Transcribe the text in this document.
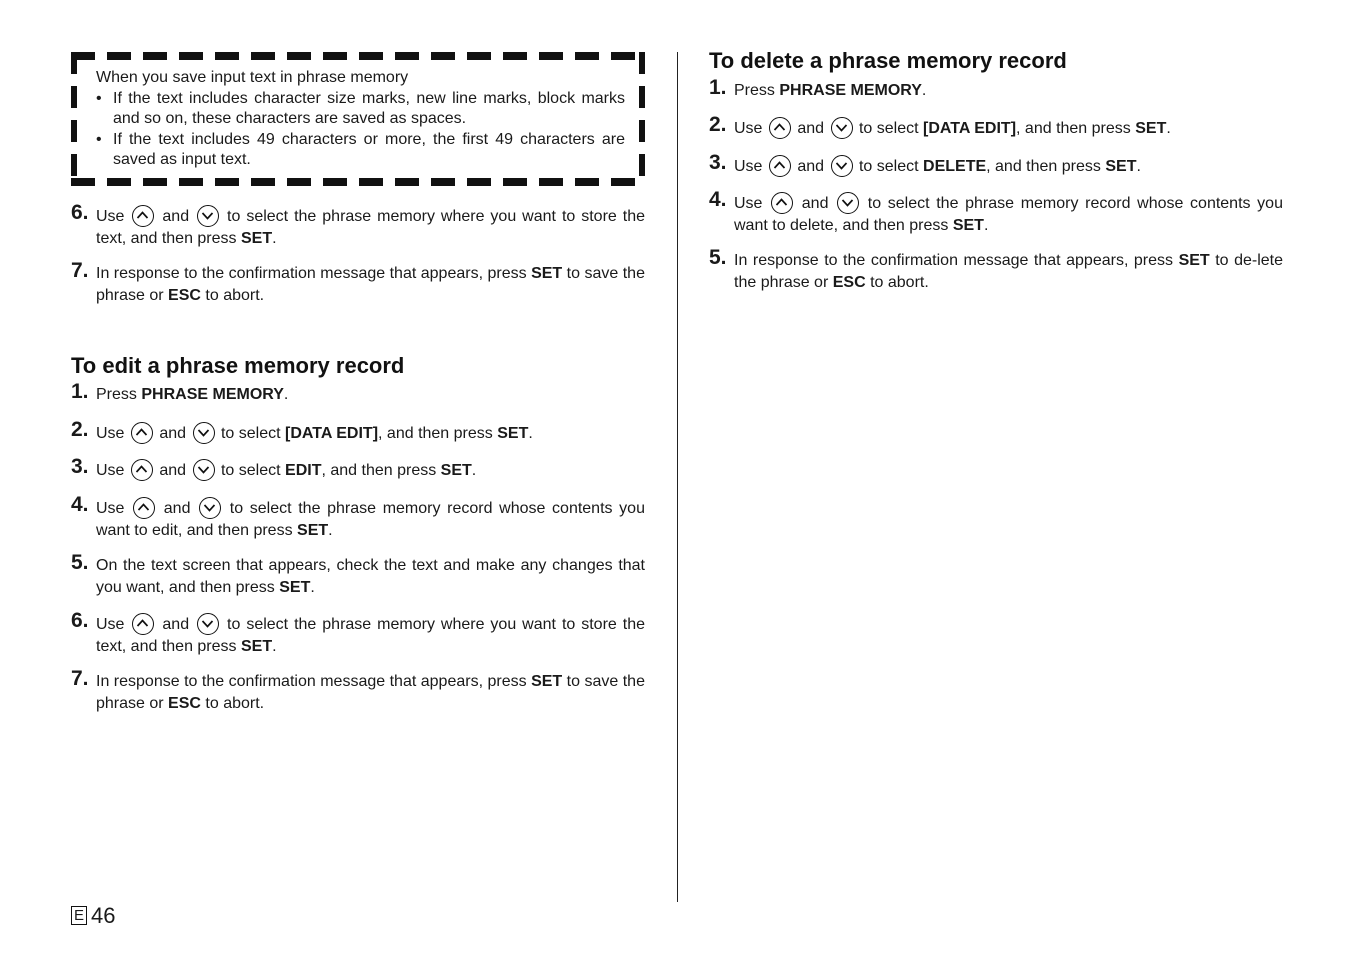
When you save input text in phrase memory
• If the text includes character size marks, new line marks, block marks and so on, these characters are saved as spaces.
• If the text includes 49 characters or more, the first 49 characters are saved as input text.
6. Use and to select the phrase memory where you want to store the text, and then press SET.
7. In response to the confirmation message that appears, press SET to save the phrase or ESC to abort.
To edit a phrase memory record
1. Press PHRASE MEMORY.
2. Use and to select [DATA EDIT], and then press SET.
3. Use and to select EDIT, and then press SET.
4. Use and to select the phrase memory record whose contents you want to edit, and then press SET.
5. On the text screen that appears, check the text and make any changes that you want, and then press SET.
6. Use and to select the phrase memory where you want to store the text, and then press SET.
7. In response to the confirmation message that appears, press SET to save the phrase or ESC to abort.
To delete a phrase memory record
1. Press PHRASE MEMORY.
2. Use and to select [DATA EDIT], and then press SET.
3. Use and to select DELETE, and then press SET.
4. Use and to select the phrase memory record whose contents you want to delete, and then press SET.
5. In response to the confirmation message that appears, press SET to de-lete the phrase or ESC to abort.
E 46
